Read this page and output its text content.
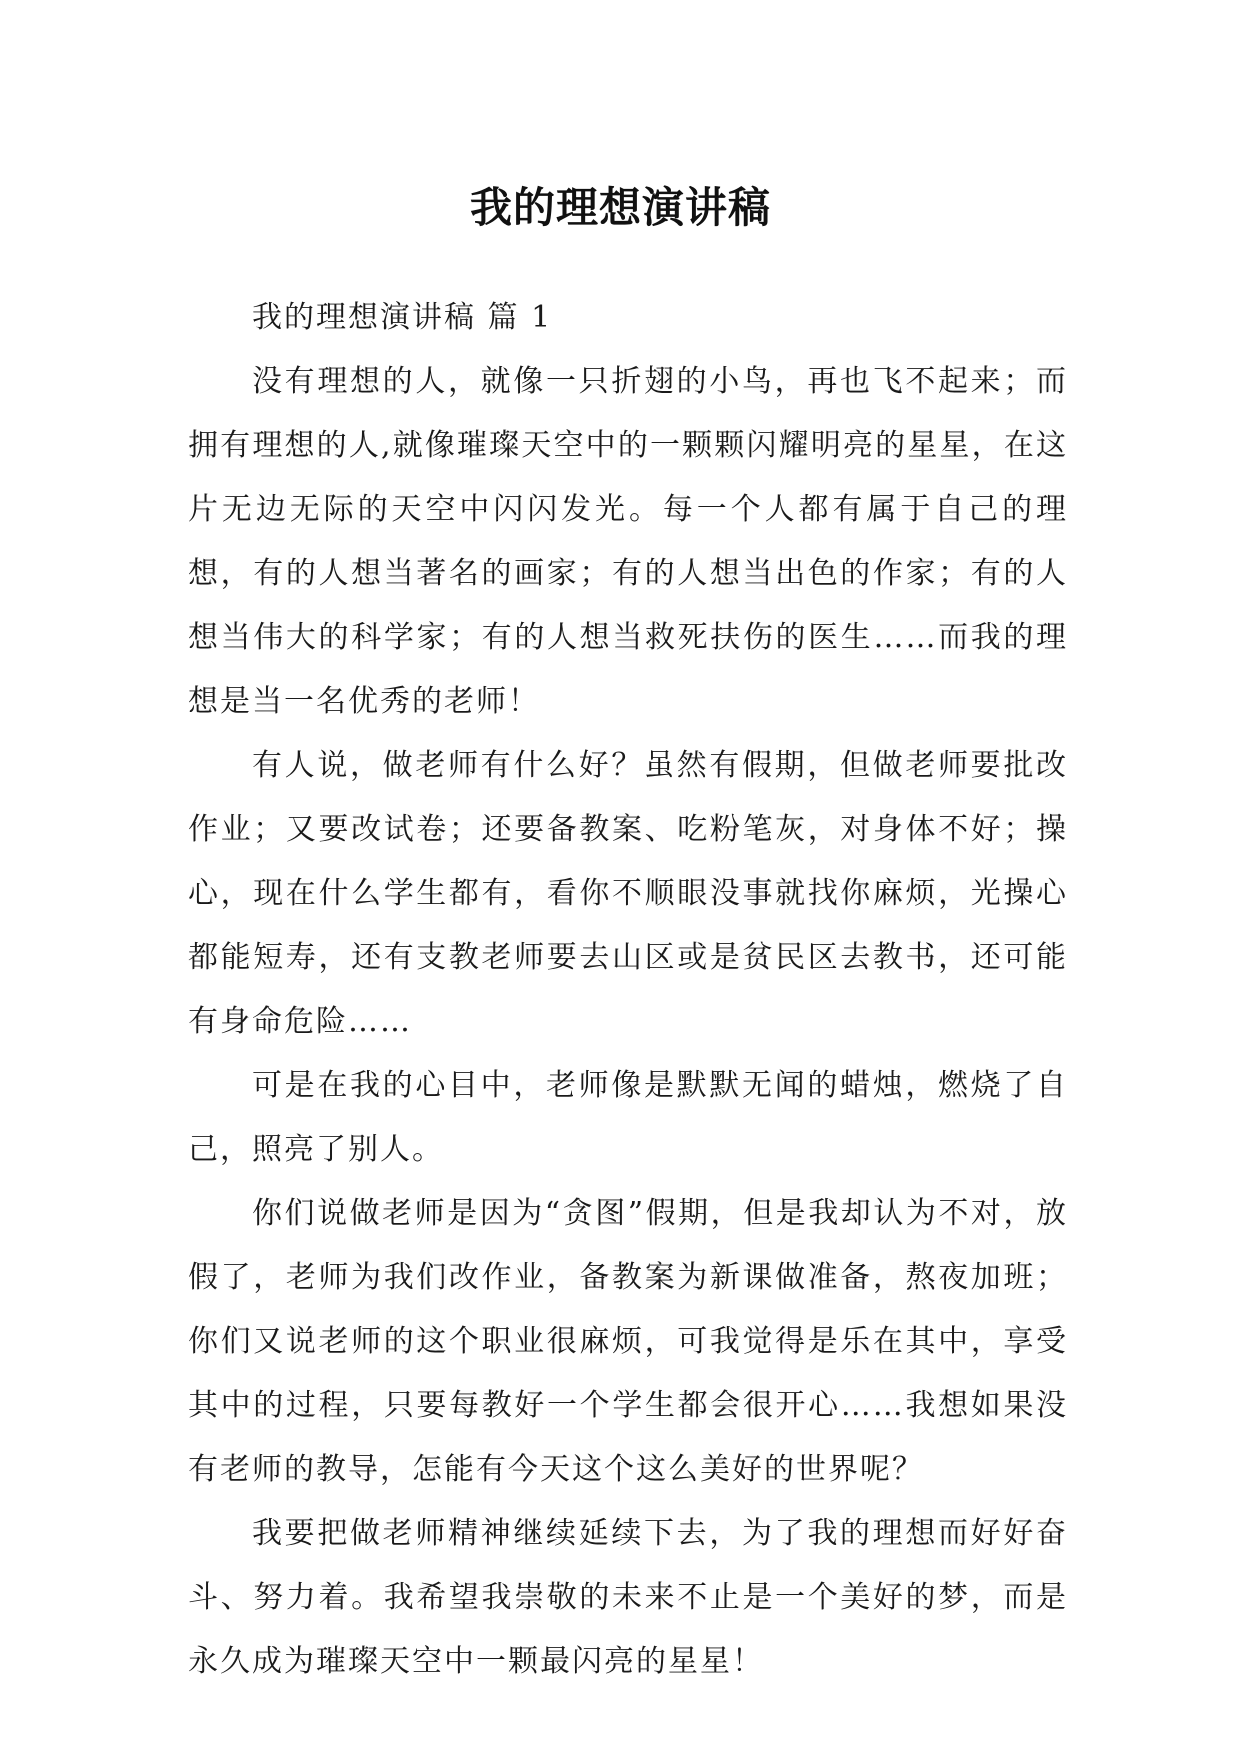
我的理想演讲稿

我的理想演讲稿 篇 1

没有理想的人，就像一只折翅的小鸟，再也飞不起来；而拥有理想的人,就像璀璨天空中的一颗颗闪耀明亮的星星，在这片无边无际的天空中闪闪发光。每一个人都有属于自己的理想，有的人想当著名的画家；有的人想当出色的作家；有的人想当伟大的科学家；有的人想当救死扶伤的医生……而我的理想是当一名优秀的老师！

有人说，做老师有什么好？虽然有假期，但做老师要批改作业；又要改试卷；还要备教案、吃粉笔灰，对身体不好；操心，现在什么学生都有，看你不顺眼没事就找你麻烦，光操心都能短寿，还有支教老师要去山区或是贫民区去教书，还可能有身命危险……

可是在我的心目中，老师像是默默无闻的蜡烛，燃烧了自己，照亮了别人。

你们说做老师是因为“贪图”假期，但是我却认为不对，放假了，老师为我们改作业，备教案为新课做准备，熬夜加班；你们又说老师的这个职业很麻烦，可我觉得是乐在其中，享受其中的过程，只要每教好一个学生都会很开心……我想如果没有老师的教导，怎能有今天这个这么美好的世界呢？

我要把做老师精神继续延续下去，为了我的理想而好好奋斗、努力着。我希望我崇敬的未来不止是一个美好的梦，而是永久成为璀璨天空中一颗最闪亮的星星！
